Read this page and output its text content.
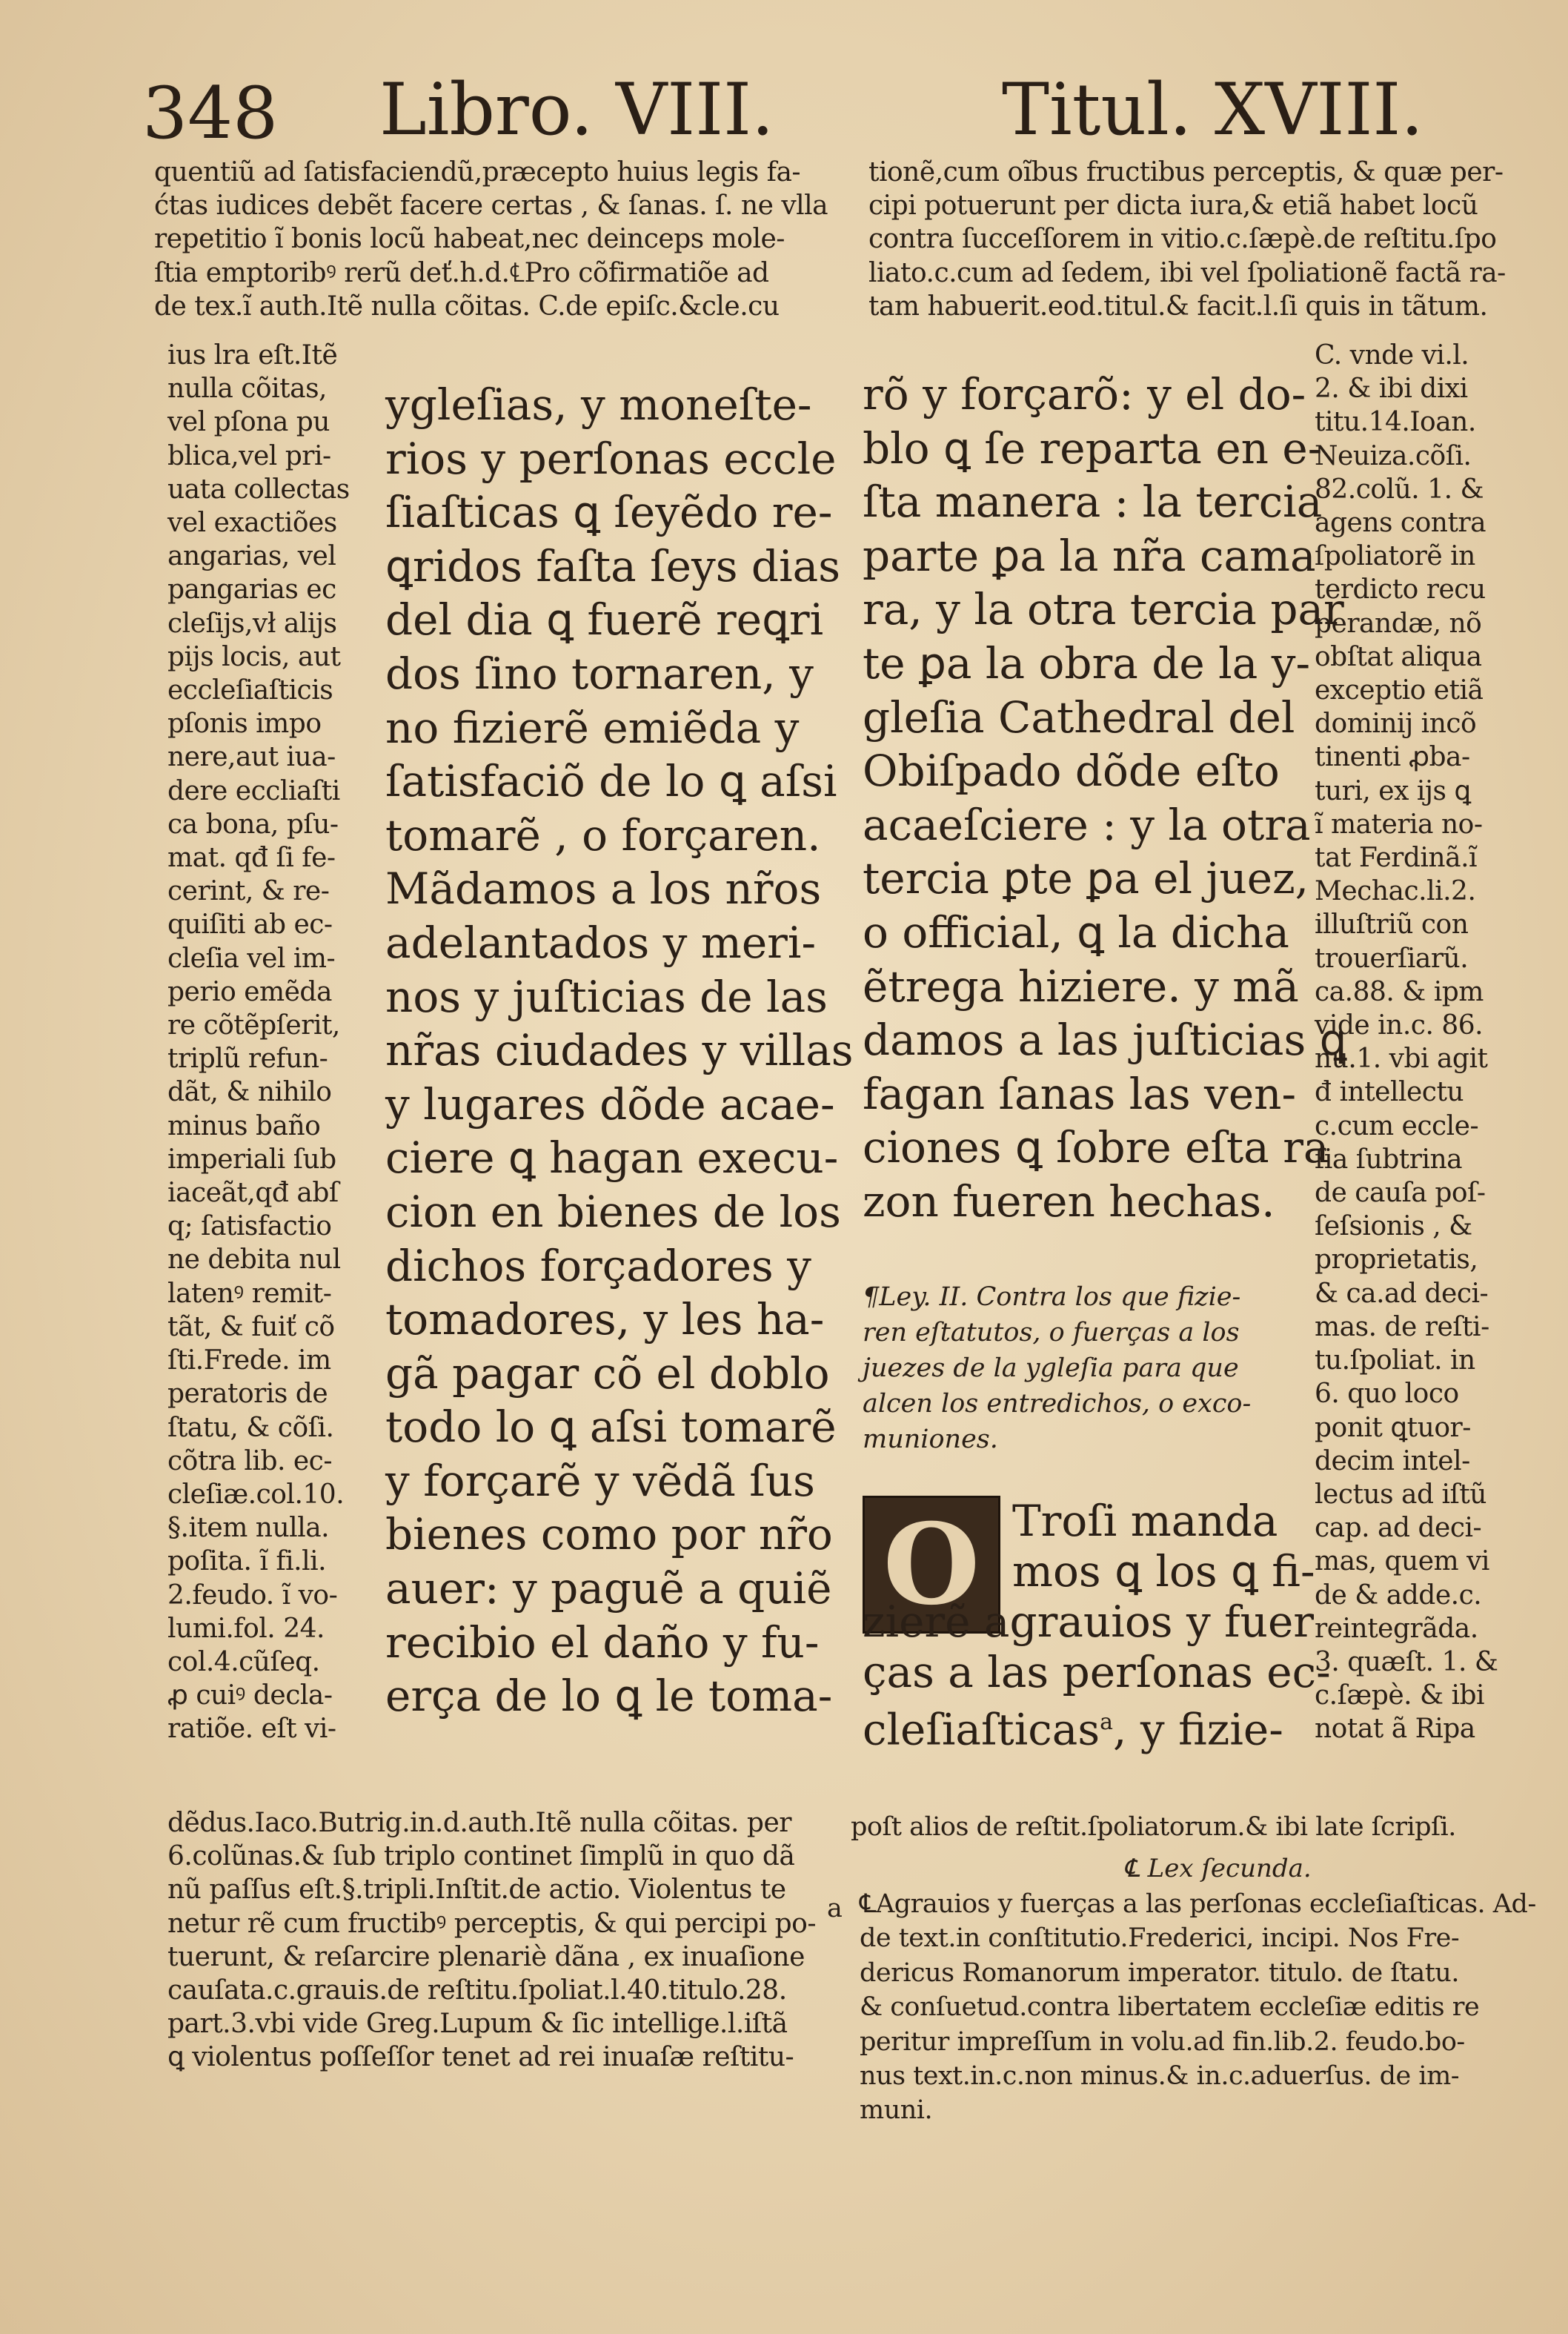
348 Libro. VIII.	Titul. XVIII.
quentiũ ad ſatisfaciendũ,præcepto huius legis fa-
ćtas iudices debẽt facere certas , & ſanas. ſ. ne vlla
repetitio ĩ bonis locũ habeat,nec deinceps mole-
ſtia emptoribꝰ rerũ deť.h.d.℄Pro cõfirmatiõe ad
de tex.ĩ auth.Itẽ nulla cõitas. C.de epiſc.&cle.cu
tionẽ,cum oĩbus fructibus perceptis, & quæ per-
cipi potuerunt per dicta iura,& etiã habet locũ
contra ſucceſſorem in vitio.c.ſæpè.de reſtitu.ſpo
liato.c.cum ad ſedem, ibi vel ſpoliationẽ factã ra-
tam habuerit.eod.titul.& facit.l.ſi quis in tãtum.
ius lra eſt.Itẽ
nulla cõitas,
vel pſona pu
blica,vel pri-
uata collectas
vel exactiões
angarias, vel
pangarias ec
cleſijs,vł alijs
pijs locis, aut
eccleſiaſticis
pſonis impo
nere,aut iua-
dere eccliaſti
ca bona, pſu-
mat. qđ ſi fe-
cerint, & re-
quiſiti ab ec-
cleſia vel im-
perio emẽda
re cõtẽpſerit,
triplũ refun-
dãt, & nihilo
minus baño
imperiali ſub
iaceãt,qđ abſ
q; ſatisfactio
ne debita nul
latenꝰ remit-
tãt, & fuiť cõ
ſti.Frede. im
peratoris de
ſtatu, & cõſi.
cõtra lib. ec-
cleſiæ.col.10.
§.item nulla.
poſita. ĩ fi.li.
2.feudo. ĩ vo-
lumi.fol. 24.
col.4.cũſeq.
ꝓ cuiꝰ decla-
ratiõe. eſt vi-
ygleſias, y moneſte-
rios y perſonas eccle
ſiaſticas ꝗ ſeyẽdo re-
ꝗridos faſta ſeys dias
del dia ꝗ fuerẽ reꝗri
dos ſino tornaren, y
no fizierẽ emiẽda y
ſatisfaciõ de lo ꝗ aſsi
tomarẽ , o forçaren.
Mãdamos a los nr̃os
adelantados y meri-
nos y juſticias de las
nr̃as ciudades y villas
y lugares dõde acae-
ciere ꝗ hagan execu-
cion en bienes de los
dichos forçadores y
tomadores, y les ha-
gã pagar cõ el doblo
todo lo ꝗ aſsi tomarẽ
y forçarẽ y vẽdã ſus
bienes como por nr̃o
auer: y paguẽ a quiẽ
recibio el daño y fu-
erça de lo ꝗ le toma-
rõ y forçarõ: y el do-
blo ꝗ ſe reparta en e-
ſta manera : la tercia
parte ꝑa la nr̃a cama
ra, y la otra tercia par
te ꝑa la obra de la y-
gleſia Cathedral del
Obiſpado dõde eſto
acaeſciere : y la otra
tercia ꝑte ꝑa el juez,
o official, ꝗ la dicha
ẽtrega hiziere. y mã
damos a las juſticias ꝗ
fagan ſanas las ven-
ciones ꝗ ſobre eſta ra
zon fueren hechas.
¶Ley. II. Contra los que fizie-
ren eſtatutos, o fuerças a los
juezes de la ygleſia para que
alcen los entredichos, o exco-
muniones.
O Troſi manda
mos ꝗ los ꝗ fi-
zierẽ agrauios y fuer
ças a las perſonas ec-
cleſiaſticas$^a$, y fizie-
C. vnde vi.l.
2. & ibi dixi
titu.14.Ioan.
Neuiza.cõſi.
82.colũ. 1. &
agens contra
ſpoliatorẽ in
terdicto recu
perandæ, nõ
obſtat aliqua
exceptio etiã
dominij incõ
tinenti ꝓba-
turi, ex ijs ꝗ
ĩ materia no-
tat Ferdinã.ĩ
Mechac.li.2.
illuſtriũ con
trouerſiarũ.
ca.88. & ipm
vide in.c. 86.
nu.1. vbi agit
đ intellectu
c.cum eccle-
ſia ſubtrina
de cauſa poſ-
ſeſsionis , &
proprietatis,
& ca.ad deci-
mas. de reſti-
tu.ſpoliat. in
6. quo loco
ponit ꝗtuor-
decim intel-
lectus ad iſtũ
cap. ad deci-
mas, quem vi
de & adde.c.
reintegrãda.
3. quæſt. 1. &
c.ſæpè. & ibi
notat ã Ripa
dẽdus.Iaco.Butrig.in.d.auth.Itẽ nulla cõitas. per
6.colũnas.& ſub triplo continet ſimplũ in quo dã
nũ paſſus eſt.§.tripli.Inſtit.de actio. Violentus te
netur rẽ cum fructibꝰ perceptis, & qui percipi po-
tuerunt, & reſarcire plenariè dãna , ex inuaſione
cauſata.c.grauis.de reſtitu.ſpoliat.l.40.titulo.28.
part.3.vbi vide Greg.Lupum & ſic intellige.l.iſtã
ꝗ violentus poſſeſſor tenet ad rei inuaſæ reſtitu-
poſt alios de reſtit.ſpoliatorum.& ibi late ſcripſi.
℄ Lex ſecunda.
℄Agrauios y fuerças a las perſonas eccleſiaſticas. Ad-
de text.in conſtitutio.Frederici, incipi. Nos Fre-
dericus Romanorum imperator. titulo. de ſtatu.
& conſuetud.contra libertatem eccleſiæ editis re
peritur impreſſum in volu.ad fin.lib.2. feudo.bo-
nus text.in.c.non minus.& in.c.aduerſus. de im-
muni.
a
